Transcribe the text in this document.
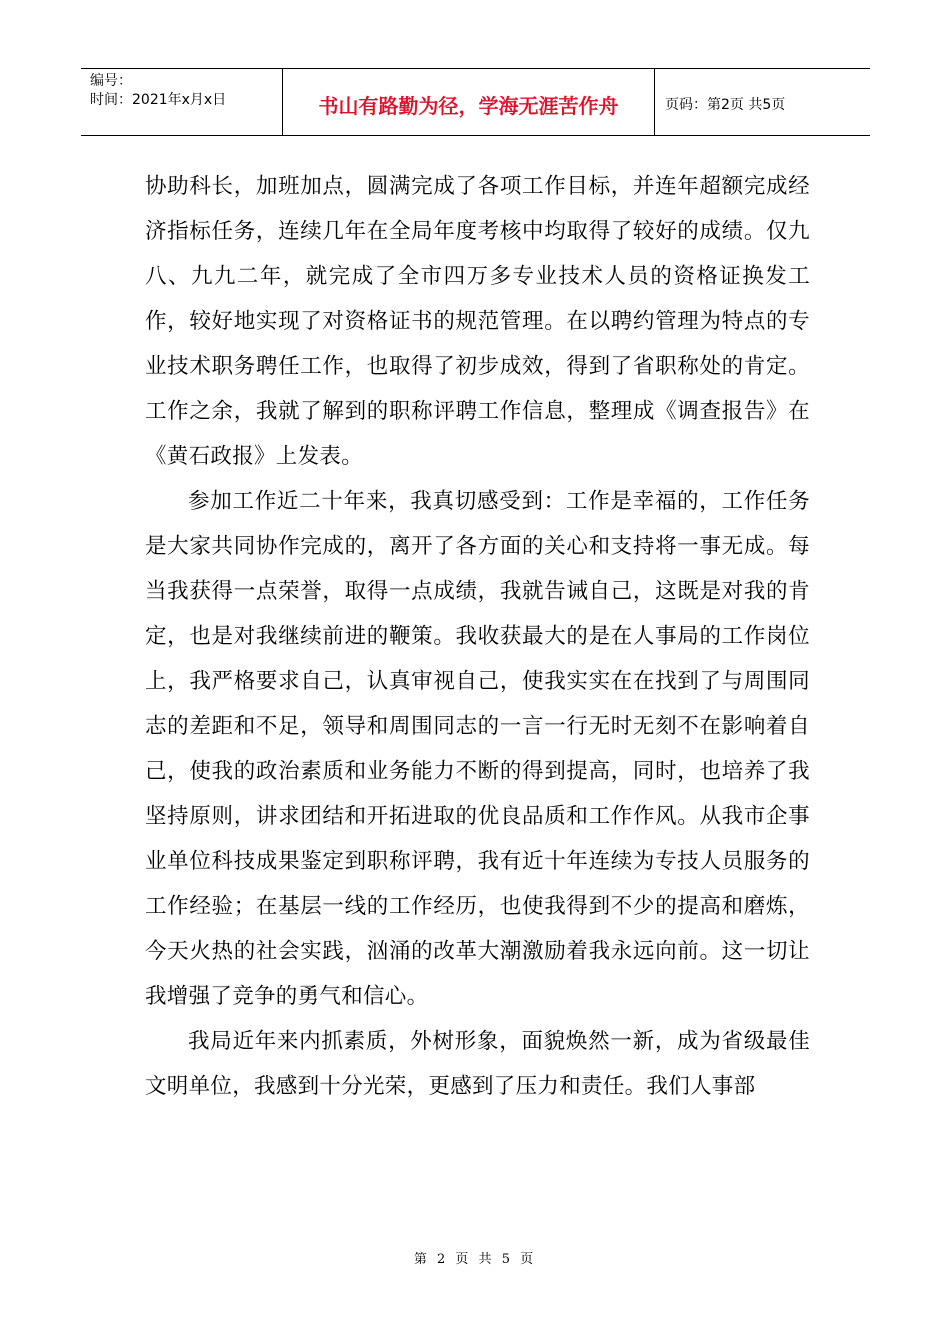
编号：
时间：2021年x月x日	书山有路勤为径，学海无涯苦作舟	页码：第2页 共5页

协助科长，加班加点，圆满完成了各项工作目标，并连年超额完成经济指标任务，连续几年在全局年度考核中均取得了较好的成绩。仅九八、九九二年，就完成了全市四万多专业技术人员的资格证换发工作，较好地实现了对资格证书的规范管理。在以聘约管理为特点的专业技术职务聘任工作，也取得了初步成效，得到了省职称处的肯定。工作之余，我就了解到的职称评聘工作信息，整理成《调查报告》在《黄石政报》上发表。

参加工作近二十年来，我真切感受到：工作是幸福的，工作任务是大家共同协作完成的，离开了各方面的关心和支持将一事无成。每当我获得一点荣誉，取得一点成绩，我就告诫自己，这既是对我的肯定，也是对我继续前进的鞭策。我收获最大的是在人事局的工作岗位上，我严格要求自己，认真审视自己，使我实实在在找到了与周围同志的差距和不足，领导和周围同志的一言一行无时无刻不在影响着自己，使我的政治素质和业务能力不断的得到提高，同时，也培养了我坚持原则，讲求团结和开拓进取的优良品质和工作作风。从我市企事业单位科技成果鉴定到职称评聘，我有近十年连续为专技人员服务的工作经验；在基层一线的工作经历，也使我得到不少的提高和磨炼，今天火热的社会实践，汹涌的改革大潮激励着我永远向前。这一切让我增强了竞争的勇气和信心。

我局近年来内抓素质，外树形象，面貌焕然一新，成为省级最佳文明单位，我感到十分光荣，更感到了压力和责任。我们人事部

第 2 页 共 5 页
